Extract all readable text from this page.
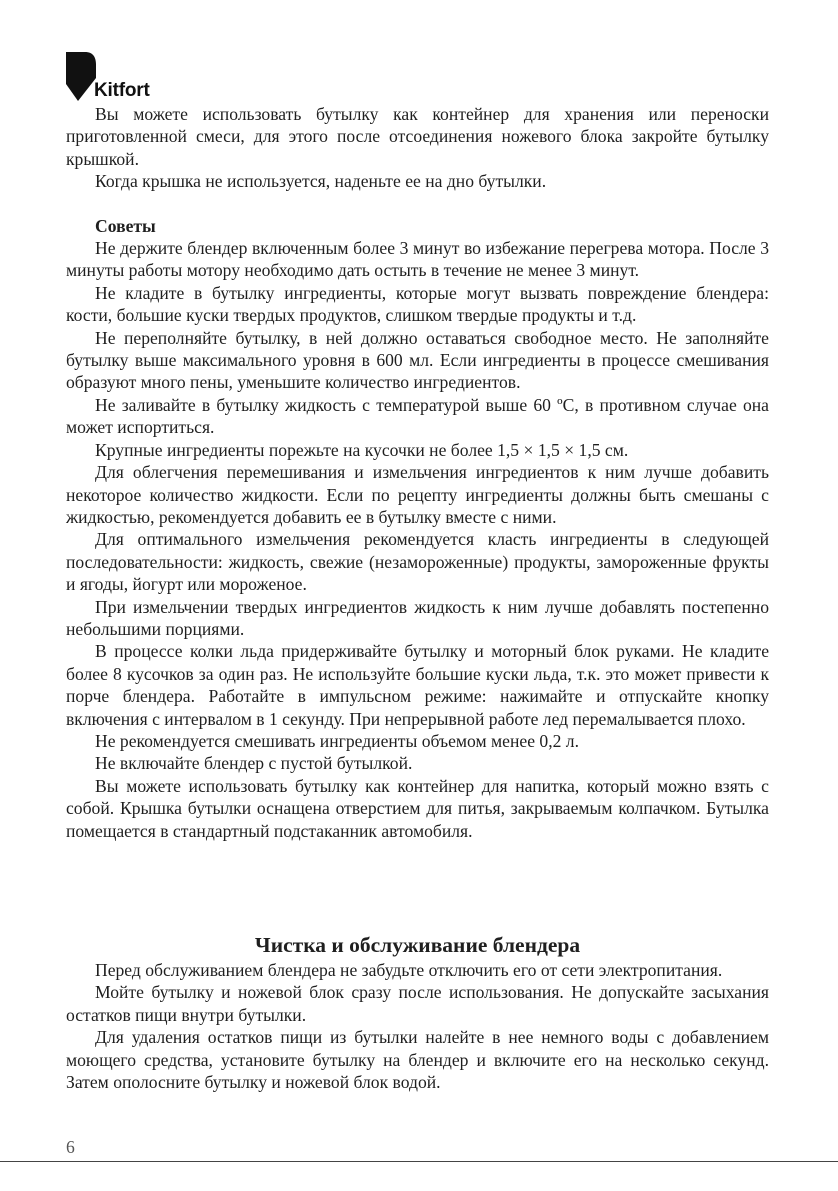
Kitfort

Вы можете использовать бутылку как контейнер для хранения или переноски приготовленной смеси, для этого после отсоединения ножевого блока закройте бутылку крышкой.

Когда крышка не используется, наденьте ее на дно бутылки.

Советы

Не держите блендер включенным более 3 минут во избежание перегрева мотора. После 3 минуты работы мотору необходимо дать остыть в течение не менее 3 минут.

Не кладите в бутылку ингредиенты, которые могут вызвать повреждение блендера: кости, большие куски твердых продуктов, слишком твердые продукты и т.д.

Не переполняйте бутылку, в ней должно оставаться свободное место. Не заполняйте бутылку выше максимального уровня в 600 мл. Если ингредиенты в процессе смешивания образуют много пены, уменьшите количество ингредиентов.

Не заливайте в бутылку жидкость с температурой выше 60 ºС, в противном случае она может испортиться.

Крупные ингредиенты порежьте на кусочки не более 1,5 × 1,5 × 1,5 см.

Для облегчения перемешивания и измельчения ингредиентов к ним лучше добавить некоторое количество жидкости. Если по рецепту ингредиенты должны быть смешаны с жидкостью, рекомендуется добавить ее в бутылку вместе с ними.

Для оптимального измельчения рекомендуется класть ингредиенты в следующей последовательности: жидкость, свежие (незамороженные) продукты, замороженные фрукты и ягоды, йогурт или мороженое.

При измельчении твердых ингредиентов жидкость к ним лучше добавлять постепенно небольшими порциями.

В процессе колки льда придерживайте бутылку и моторный блок руками. Не кладите более 8 кусочков за один раз. Не используйте большие куски льда, т.к. это может привести к порче блендера. Работайте в импульсном режиме: нажимайте и отпускайте кнопку включения с интервалом в 1 секунду. При непрерывной работе лед перемалывается плохо.

Не рекомендуется смешивать ингредиенты объемом менее 0,2 л.

Не включайте блендер с пустой бутылкой.

Вы можете использовать бутылку как контейнер для напитка, который можно взять с собой. Крышка бутылки оснащена отверстием для питья, закрываемым колпачком. Бутылка помещается в стандартный подстаканник автомобиля.

Чистка и обслуживание блендера

Перед обслуживанием блендера не забудьте отключить его от сети электропитания.

Мойте бутылку и ножевой блок сразу после использования. Не допускайте засыхания остатков пищи внутри бутылки.

Для удаления остатков пищи из бутылки налейте в нее немного воды с добавлением моющего средства, установите бутылку на блендер и включите его на несколько секунд. Затем ополосните бутылку и ножевой блок водой.

6
